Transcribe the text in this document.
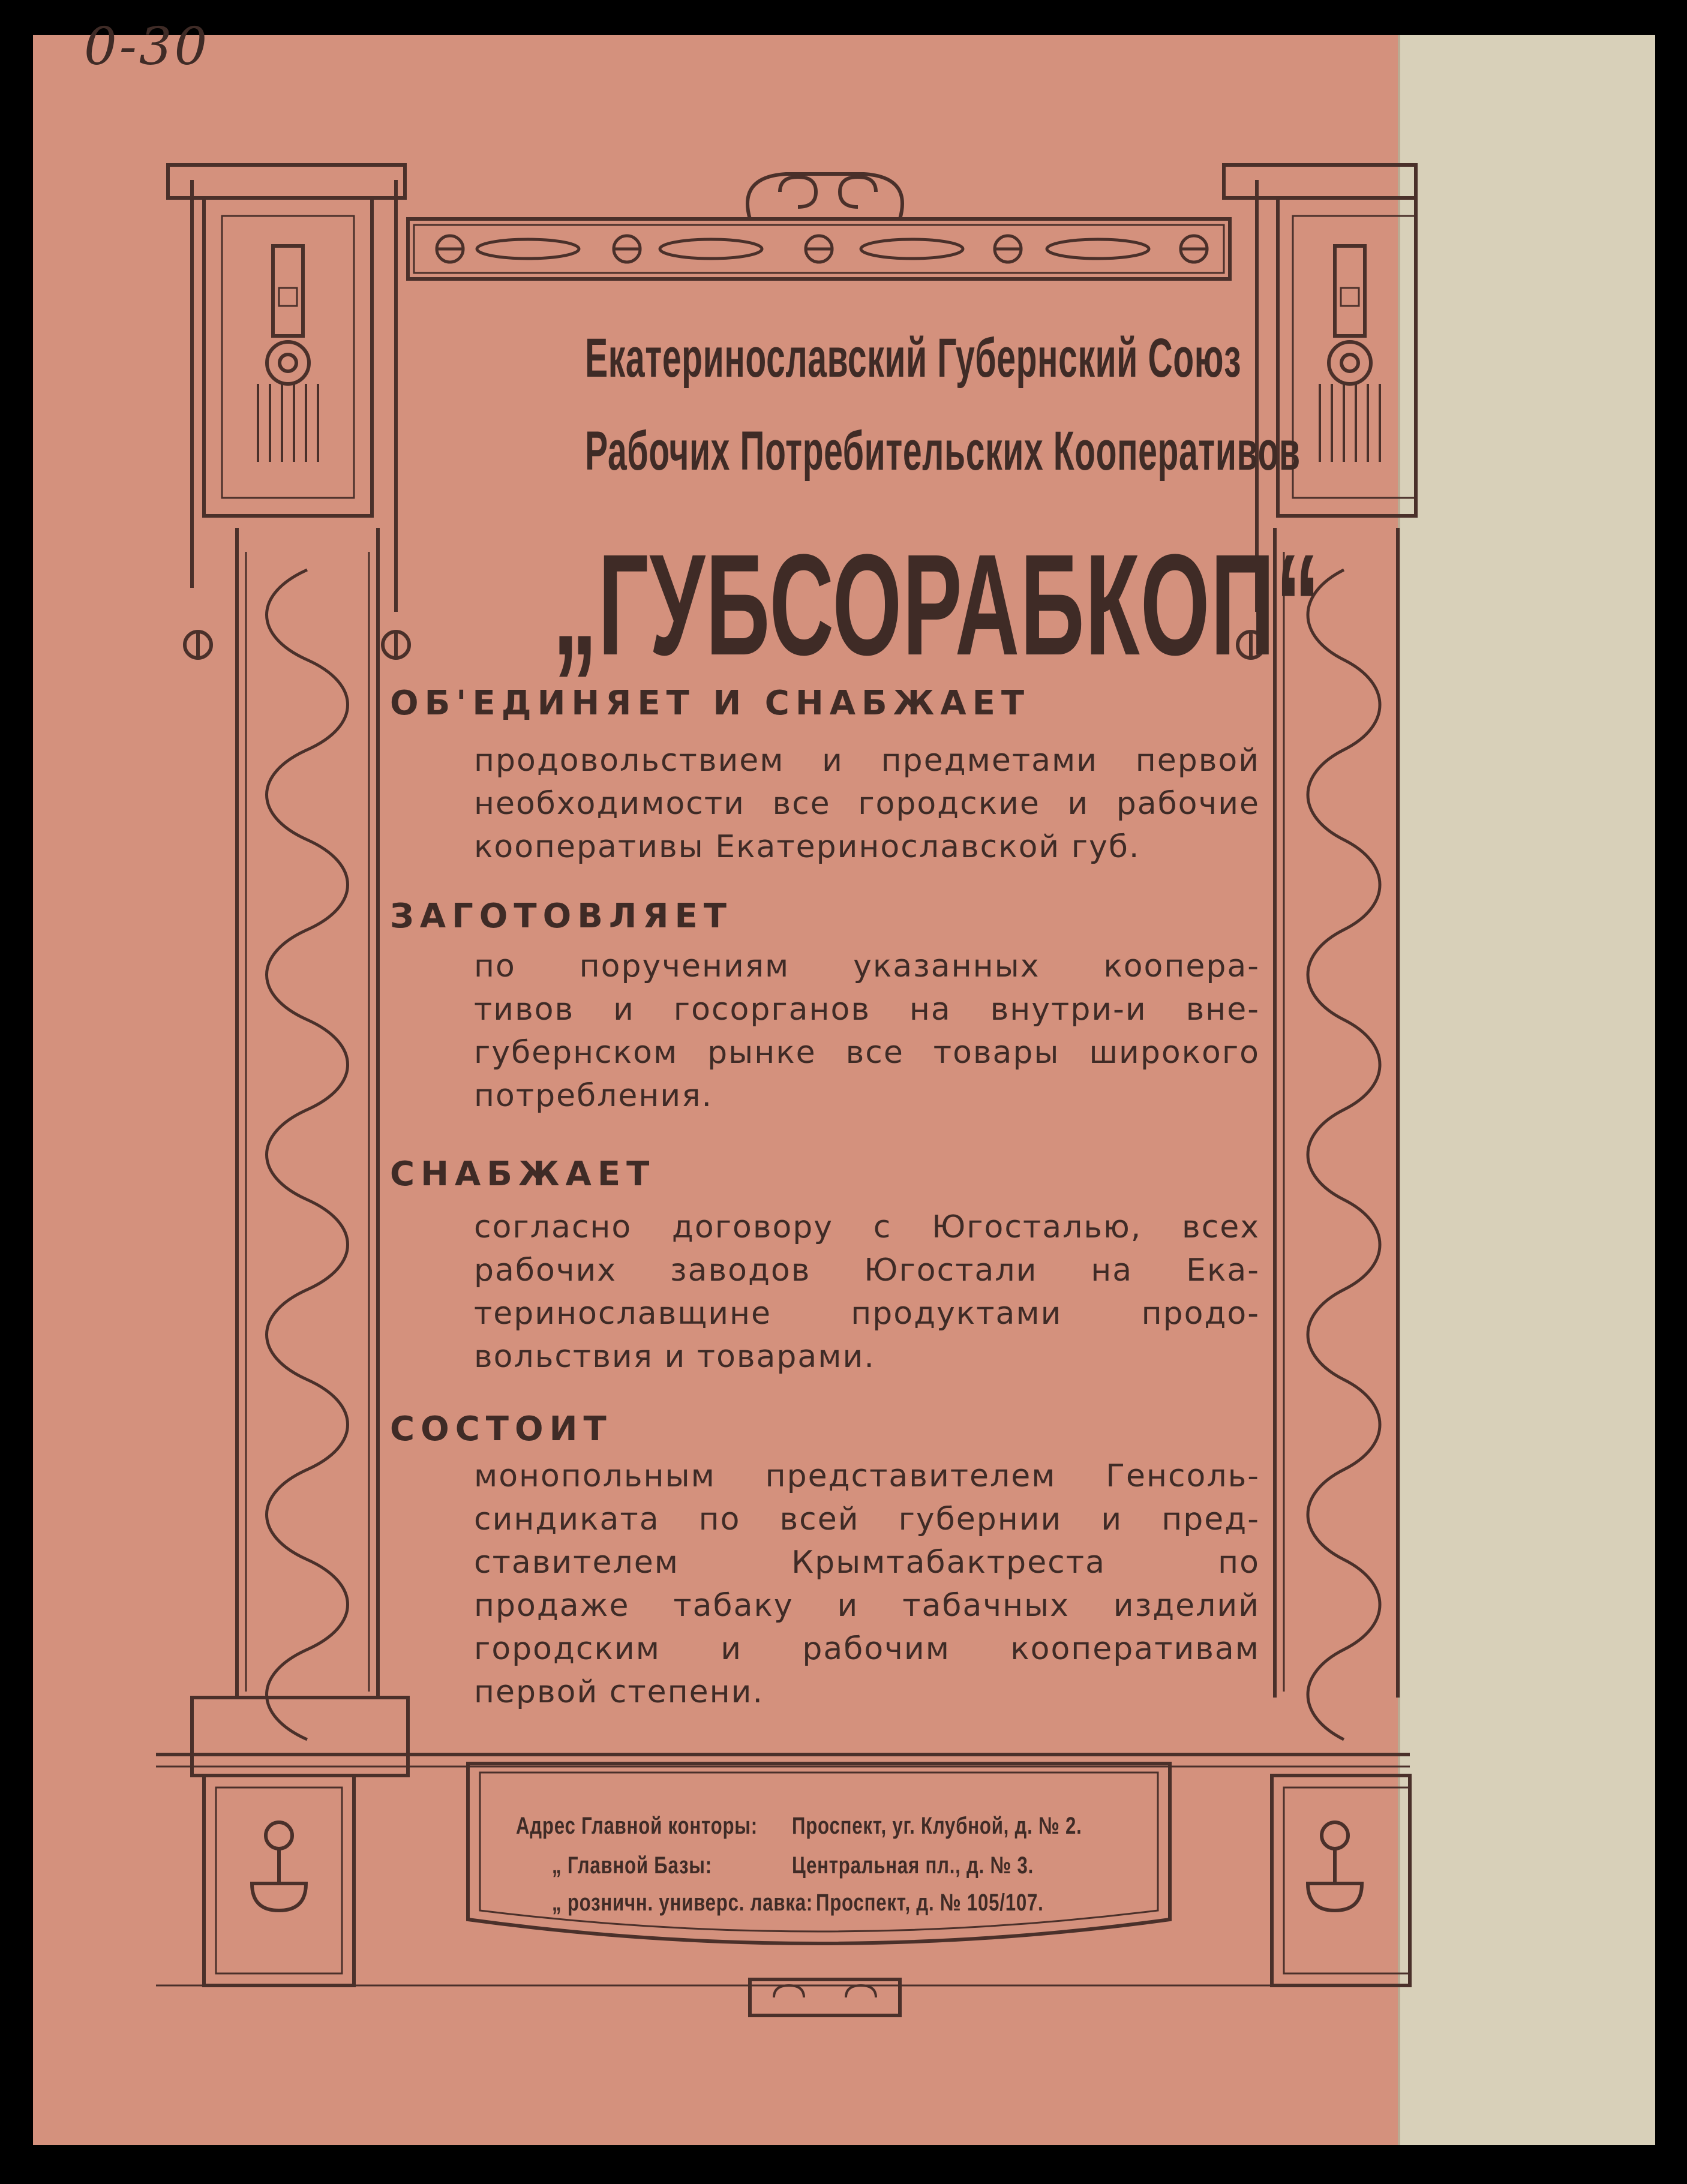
0-30
Екатеринославский Губернский Союз
Рабочих Потребительских Кооперативов
„ГУБСОРАБКОП“
ОБ'ЕДИНЯЕТ И СНАБЖАЕТ
продовольствием и предметами первой
необходимости все городские и рабочие
кооперативы Екатеринославской губ.
ЗАГОТОВЛЯЕТ
по поручениям указанных коопера-
тивов и госорганов на внутри-и вне-
губернском рынке все товары широкого
потребления.
СНАБЖАЕТ
согласно договору с Югосталью, всех
рабочих заводов Югостали на Ека-
теринославщине продуктами продо-
вольствия и товарами.
СОСТОИТ
монопольным представителем Генсоль-
синдиката по всей губернии и пред-
ставителем Крымтабактреста по
продаже табаку и табачных изделий
городским и рабочим кооперативам
первой степени.
Адрес Главной конторы: Проспект, уг. Клубной, д. № 2.
„ Главной Базы:	Центральная пл., д. № 3.
„ розничн. универс. лавка: Проспект, д. № 105/107.
